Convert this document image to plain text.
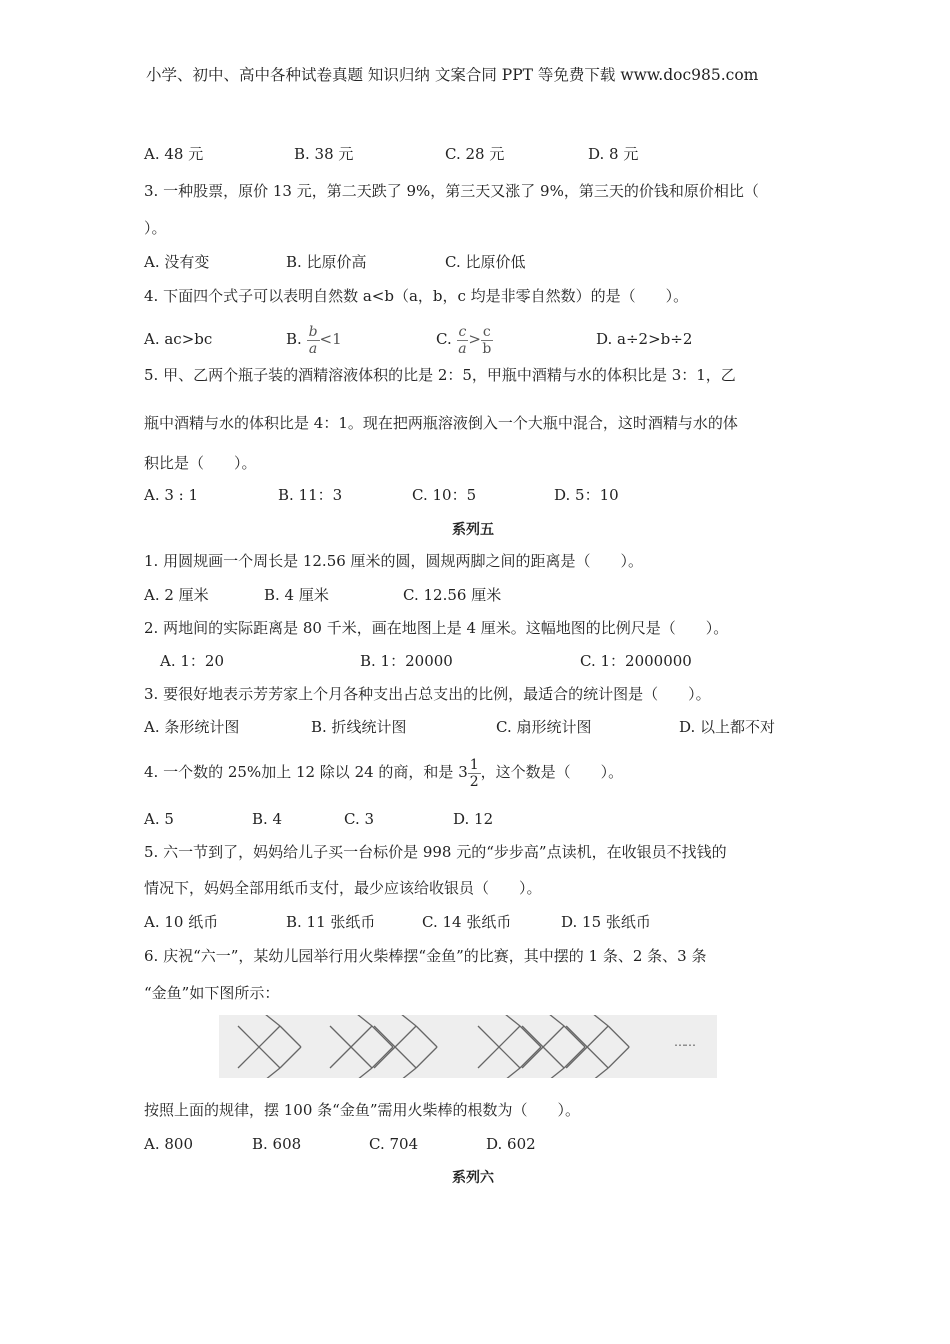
小学、初中、高中各种试卷真题 知识归纳 文案合同 PPT 等免费下载 www.doc985.com
A. 48 元	B. 38 元	C. 28 元	D. 8 元
3. 一种股票，原价 13 元，第二天跌了 9%，第三天又涨了 9%，第三天的价钱和原价相比（
）。
A. 没有变	B. 比原价高	C. 比原价低
4. 下面四个式子可以表明自然数 a<b（a，b，c 均是非零自然数）的是（　　）。
A. ac>bc	B. $\frac{b}{a} <1$	C. $\frac{c}{a} > \frac{c}{b}$	D. a÷2>b÷2
5. 甲、乙两个瓶子装的酒精溶液体积的比是 2：5，甲瓶中酒精与水的体积比是 3：1，乙
瓶中酒精与水的体积比是 4：1。现在把两瓶溶液倒入一个大瓶中混合，这时酒精与水的体
积比是（　　）。
A. 3 : 1	B. 11：3	C. 10：5	D. 5：10
系列五
1. 用圆规画一个周长是 12.56 厘米的圆，圆规两脚之间的距离是（　　）。
A. 2 厘米	B. 4 厘米	C. 12.56 厘米
2. 两地间的实际距离是 80 千米，画在地图上是 4 厘米。这幅地图的比例尺是（　　）。
A. 1：20	B. 1：20000	C. 1：2000000
3. 要很好地表示芳芳家上个月各种支出占总支出的比例，最适合的统计图是（　　）。
A. 条形统计图	B. 折线统计图	C. 扇形统计图	D. 以上都不对
4. 一个数的 25%加上 12 除以 24 的商，和是 $3 \frac{1}{2}$ ，这个数是（　　）。
A. 5	B. 4	C. 3	D. 12
5. 六一节到了，妈妈给儿子买一台标价是 998 元的“步步高”点读机，在收银员不找钱的
情况下，妈妈全部用纸币支付，最少应该给收银员（　　）。
A. 10 纸币	B. 11 张纸币	C. 14 张纸币	D. 15 张纸币
6. 庆祝“六一”，某幼儿园举行用火柴棒摆“金鱼”的比赛，其中摆的 1 条、2 条、3 条
“金鱼”如下图所示：
……
按照上面的规律，摆 100 条“金鱼”需用火柴棒的根数为（　　）。
A. 800	B. 608	C. 704	D. 602
系列六
